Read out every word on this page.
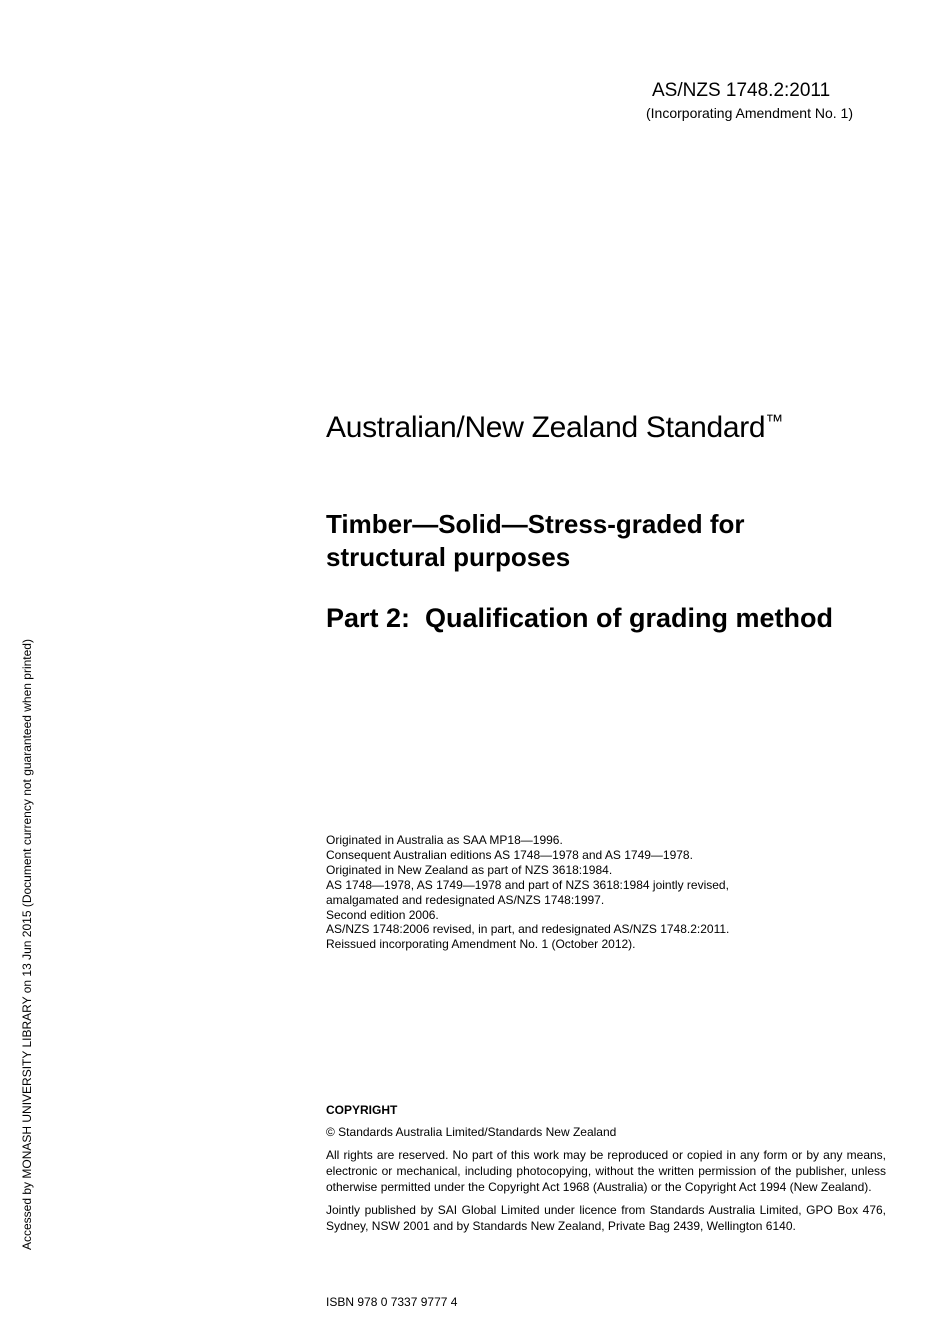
AS/NZS 1748.2:2011
(Incorporating Amendment No. 1)
Accessed by MONASH UNIVERSITY LIBRARY on 13 Jun 2015 (Document currency not guaranteed when printed)
Australian/New Zealand Standard™
Timber—Solid—Stress-graded for
structural purposes
Part 2:  Qualification of grading method
Originated in Australia as SAA MP18—1996.
Consequent Australian editions AS 1748—1978 and AS 1749—1978.
Originated in New Zealand as part of NZS 3618:1984.
AS 1748—1978, AS 1749—1978 and part of NZS 3618:1984 jointly revised,
amalgamated and redesignated AS/NZS 1748:1997.
Second edition 2006.
AS/NZS 1748:2006 revised, in part, and redesignated AS/NZS 1748.2:2011.
Reissued incorporating Amendment No. 1 (October 2012).
COPYRIGHT

© Standards Australia Limited/Standards New Zealand

All rights are reserved. No part of this work may be reproduced or copied in any form or by any means, electronic or mechanical, including photocopying, without the written permission of the publisher, unless otherwise permitted under the Copyright Act 1968 (Australia) or the Copyright Act 1994 (New Zealand).

Jointly published by SAI Global Limited under licence from Standards Australia Limited, GPO Box 476, Sydney, NSW 2001 and by Standards New Zealand, Private Bag 2439, Wellington 6140.

ISBN 978 0 7337 9777 4
